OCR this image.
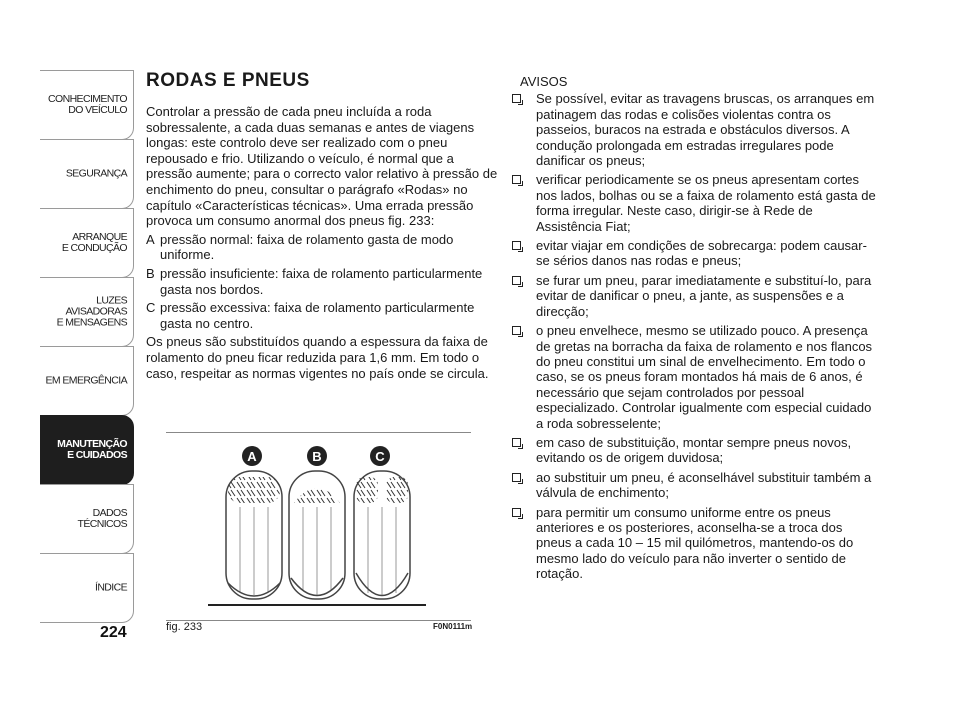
CONHECIMENTO
DO VEÍCULO
SEGURANÇA
ARRANQUE
E CONDUÇÃO
LUZES
AVISADORAS
E MENSAGENS
EM EMERGÊNCIA
MANUTENÇÃO
E CUIDADOS
DADOS
TÉCNICOS
ÍNDICE
224
RODAS E PNEUS

Controlar a pressão de cada pneu incluída a roda sobressalente, a cada duas semanas e antes de viagens longas: este controlo deve ser realizado com o pneu repousado e frio. Utilizando o veículo, é normal que a pressão aumente; para o correcto valor relativo à pressão de enchimento do pneu, consultar o parágrafo «Rodas» no capítulo «Características técnicas». Uma errada pressão provoca um consumo anormal dos pneus fig. 233:

A pressão normal: faixa de rolamento gasta de modo uniforme.
B pressão insuficiente: faixa de rolamento particularmente gasta nos bordos.
C pressão excessiva: faixa de rolamento particularmente gasta no centro.

Os pneus são substituídos quando a espessura da faixa de rolamento do pneu ficar reduzida para 1,6 mm. Em todo o caso, respeitar as normas vigentes no país onde se circula.

A	B	C
fig. 233	F0N0111m
AVISOS
Se possível, evitar as travagens bruscas, os arranques em patinagem das rodas e colisões violentas contra os passeios, buracos na estrada e obstáculos diversos. A condução prolongada em estradas irregulares pode danificar os pneus;
verificar periodicamente se os pneus apresentam cortes nos lados, bolhas ou se a faixa de rolamento está gasta de forma irregular. Neste caso, dirigir-se à Rede de Assistência Fiat;
evitar viajar em condições de sobrecarga: podem causar-se sérios danos nas rodas e pneus;
se furar um pneu, parar imediatamente e substituí-lo, para evitar de danificar o pneu, a jante, as suspensões e a direcção;
o pneu envelhece, mesmo se utilizado pouco. A presença de gretas na borracha da faixa de rolamento e nos flancos do pneu constitui um sinal de envelhecimento. Em todo o caso, se os pneus foram montados há mais de 6 anos, é necessário que sejam controlados por pessoal especializado. Controlar igualmente com especial cuidado a roda sobresselente;
em caso de substituição, montar sempre pneus novos, evitando os de origem duvidosa;
ao substituir um pneu, é aconselhável substituir também a válvula de enchimento;
para permitir um consumo uniforme entre os pneus anteriores e os posteriores, aconselha-se a troca dos pneus a cada 10 – 15 mil quilómetros, mantendo-os do mesmo lado do veículo para não inverter o sentido de rotação.
